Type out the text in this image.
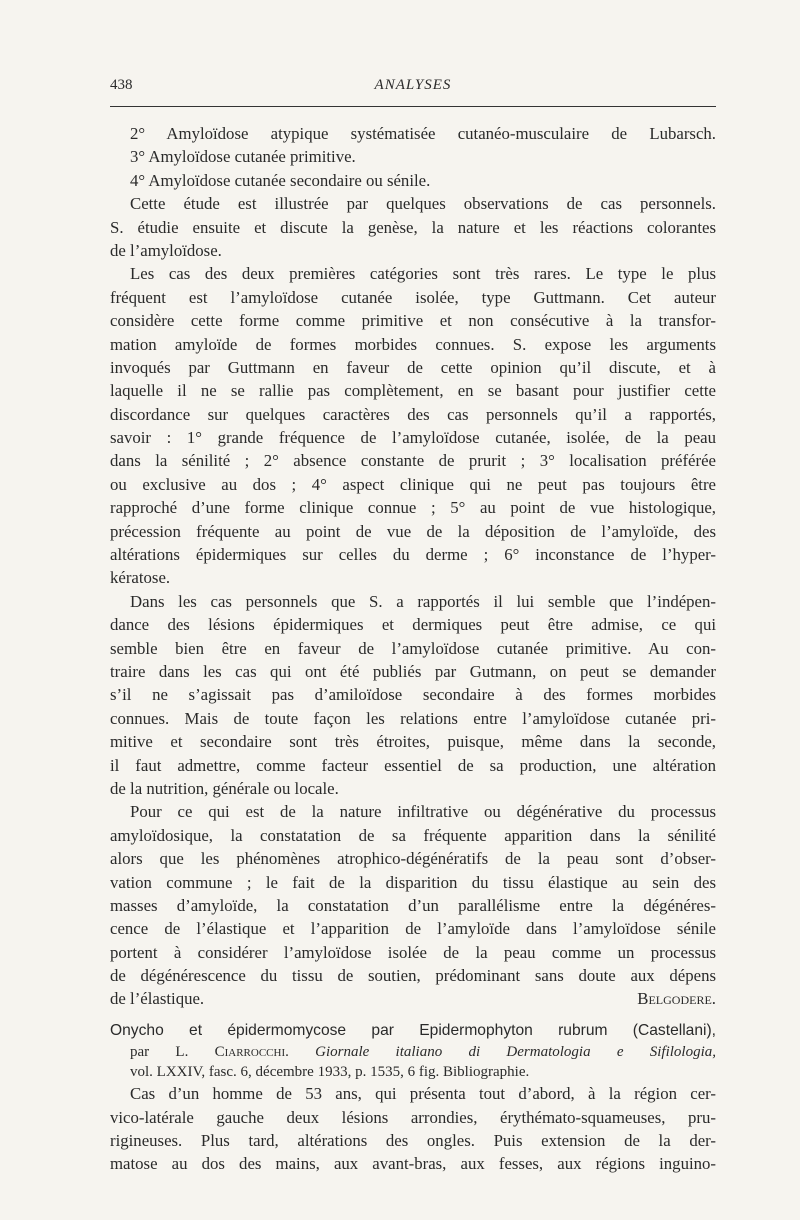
438	ANALYSES
2° Amyloïdose atypique systématisée cutanéo-musculaire de Lubarsch.
3° Amyloïdose cutanée primitive.
4° Amyloïdose cutanée secondaire ou sénile.
Cette étude est illustrée par quelques observations de cas personnels.
S. étudie ensuite et discute la genèse, la nature et les réactions colorantes
de l’amyloïdose.
Les cas des deux premières catégories sont très rares. Le type le plus
fréquent est l’amyloïdose cutanée isolée, type Guttmann. Cet auteur
considère cette forme comme primitive et non consécutive à la transfor-
mation amyloïde de formes morbides connues. S. expose les arguments
invoqués par Guttmann en faveur de cette opinion qu’il discute, et à
laquelle il ne se rallie pas complètement, en se basant pour justifier cette
discordance sur quelques caractères des cas personnels qu’il a rapportés,
savoir : 1° grande fréquence de l’amyloïdose cutanée, isolée, de la peau
dans la sénilité ; 2° absence constante de prurit ; 3° localisation préférée
ou exclusive au dos ; 4° aspect clinique qui ne peut pas toujours être
rapproché d’une forme clinique connue ; 5° au point de vue histologique,
précession fréquente au point de vue de la déposition de l’amyloïde, des
altérations épidermiques sur celles du derme ; 6° inconstance de l’hyper-
kératose.
Dans les cas personnels que S. a rapportés il lui semble que l’indépen-
dance des lésions épidermiques et dermiques peut être admise, ce qui
semble bien être en faveur de l’amyloïdose cutanée primitive. Au con-
traire dans les cas qui ont été publiés par Gutmann, on peut se demander
s’il ne s’agissait pas d’amiloïdose secondaire à des formes morbides
connues. Mais de toute façon les relations entre l’amyloïdose cutanée pri-
mitive et secondaire sont très étroites, puisque, même dans la seconde,
il faut admettre, comme facteur essentiel de sa production, une altération
de la nutrition, générale ou locale.
Pour ce qui est de la nature infiltrative ou dégénérative du processus
amyloïdosique, la constatation de sa fréquente apparition dans la sénilité
alors que les phénomènes atrophico-dégénératifs de la peau sont d’obser-
vation commune ; le fait de la disparition du tissu élastique au sein des
masses d’amyloïde, la constatation d’un parallélisme entre la dégénéres-
cence de l’élastique et l’apparition de l’amyloïde dans l’amyloïdose sénile
portent à considérer l’amyloïdose isolée de la peau comme un processus
de dégénérescence du tissu de soutien, prédominant sans doute aux dépens
de l’élastique.	Belgodere.
Onycho et épidermomycose par Epidermophyton rubrum (Castellani),
par L. Ciarrocchi. Giornale italiano di Dermatologia e Sifilologia,
vol. LXXIV, fasc. 6, décembre 1933, p. 1535, 6 fig. Bibliographie.
Cas d’un homme de 53 ans, qui présenta tout d’abord, à la région cer-
vico-latérale gauche deux lésions arrondies, érythémato-squameuses, pru-
rigineuses. Plus tard, altérations des ongles. Puis extension de la der-
matose au dos des mains, aux avant-bras, aux fesses, aux régions inguino-
